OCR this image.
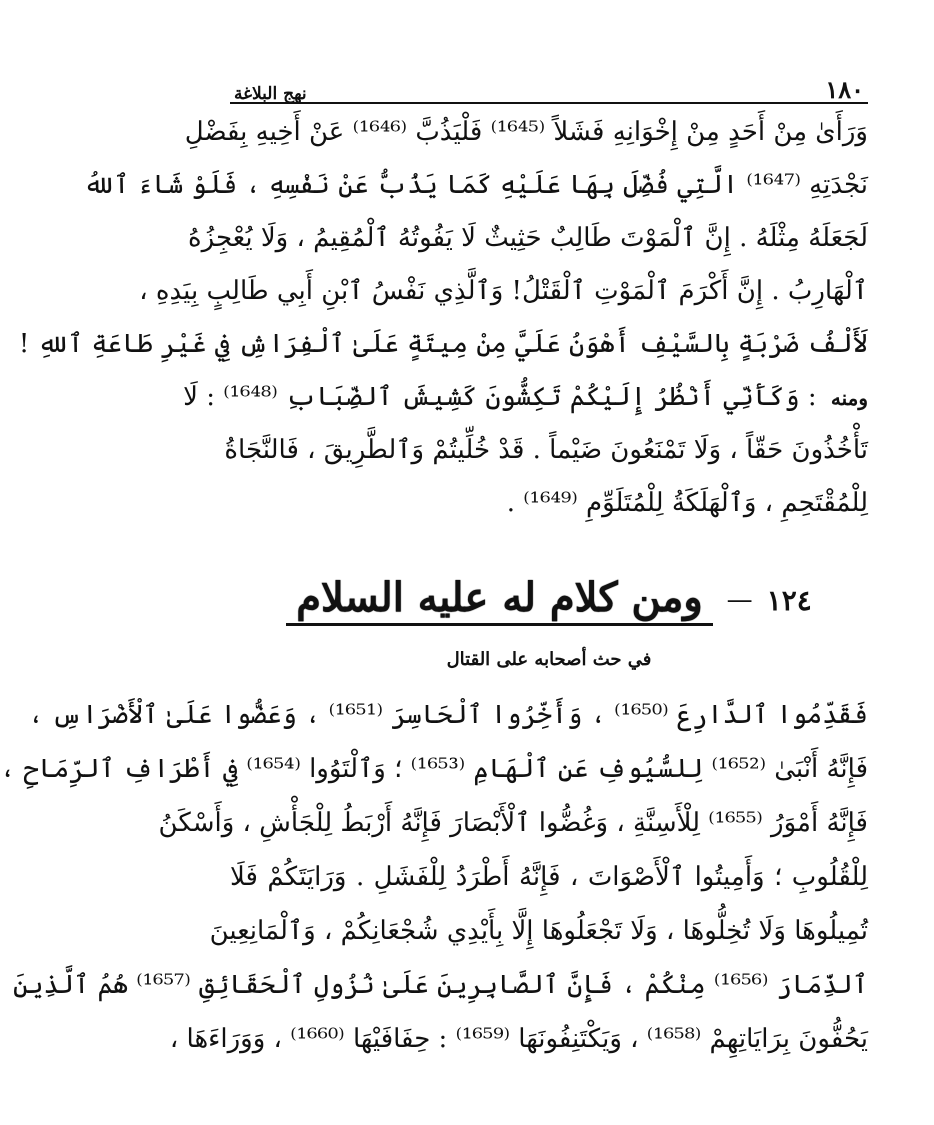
١٨٠
نهج البلاغة
وَرَأَىٰ مِنْ أَحَدٍ مِنْ إِخْوَانِهِ فَشَلاً ⁽¹⁶⁴⁵⁾ فَلْيَذُبَّ ⁽¹⁶⁴⁶⁾ عَنْ أَخِيهِ بِفَضْلِ
نَجْدَتِهِ ⁽¹⁶⁴⁷⁾ الَّتِي فُضِّلَ بِهَا عَلَيْهِ كَمَا يَذُبُّ عَنْ نَفْسِهِ ، فَلَوْ شَاءَ ٱللهُ
لَجَعَلَهُ مِثْلَهُ . إِنَّ ٱلْمَوْتَ طَالِبٌ حَثِيثٌ لَا يَفُوتُهُ ٱلْمُقِيمُ ، وَلَا يُعْجِزُهُ
ٱلْهَارِبُ . إِنَّ أَكْرَمَ ٱلْمَوْتِ ٱلْقَتْلُ! وَٱلَّذِي نَفْسُ ٱبْنِ أَبِي طَالِبٍ بِيَدِهِ ،
لَأَلْفُ ضَرْبَةٍ بِالسَّيْفِ أَهْوَنُ عَلَيَّ مِنْ مِيتَةٍ عَلَىٰ ٱلْفِرَاشِ فِي غَيْرِ طَاعَةِ ٱللهِ !
ومنه : وَكَأَنِّي أَنْظُرُ إِلَيْكُمْ تَكِشُّونَ كَشِيشَ ٱلضِّبَابِ ⁽¹⁶⁴⁸⁾ : لَا
تَأْخُذُونَ حَقّاً ، وَلَا تَمْنَعُونَ ضَيْماً . قَدْ خُلِّيتُمْ وَٱلطَّرِيقَ ، فَالنَّجَاةُ
لِلْمُقْتَحِمِ ، وَٱلْهَلَكَةُ لِلْمُتَلَوِّمِ ⁽¹⁶⁴⁹⁾ .
١٢٤
—
ومن كلام له عليه السلام
في حث أصحابه على القتال
فَقَدِّمُوا ٱلدَّارِعَ ⁽¹⁶⁵⁰⁾ ، وَأَخِّرُوا ٱلْحَاسِرَ ⁽¹⁶⁵¹⁾ ، وَعَضُّوا عَلَىٰ ٱلْأَضْرَاسِ ،
فَإِنَّهُ أَنْبَىٰ ⁽¹⁶⁵²⁾ لِلسُّيُوفِ عَنِ ٱلْهَامِ ⁽¹⁶⁵³⁾ ؛ وَٱلْتَوُوا ⁽¹⁶⁵⁴⁾ فِي أَطْرَافِ ٱلرِّمَاحِ ،
فَإِنَّهُ أَمْوَرُ ⁽¹⁶⁵⁵⁾ لِلْأَسِنَّةِ ، وَغُضُّوا ٱلْأَبْصَارَ فَإِنَّهُ أَرْبَطُ لِلْجَأْشِ ، وَأَسْكَنُ
لِلْقُلُوبِ ؛ وَأَمِيتُوا ٱلْأَصْوَاتَ ، فَإِنَّهُ أَطْرَدُ لِلْفَشَلِ . وَرَايَتَكُمْ فَلَا
تُمِيلُوهَا وَلَا تُخِلُّوهَا ، وَلَا تَجْعَلُوهَا إِلَّا بِأَيْدِي شُجْعَانِكُمْ ، وَٱلْمَانِعِينَ
ٱلذِّمَارَ ⁽¹⁶⁵⁶⁾ مِنْكُمْ ، فَإِنَّ ٱلصَّابِرِينَ عَلَىٰ نُزُولِ ٱلْحَقَائِقِ ⁽¹⁶⁵⁷⁾ هُمُ ٱلَّذِينَ
يَحُفُّونَ بِرَايَاتِهِمْ ⁽¹⁶⁵⁸⁾ ، وَيَكْتَنِفُونَهَا ⁽¹⁶⁵⁹⁾ : حِفَافَيْهَا ⁽¹⁶⁶⁰⁾ ، وَوَرَاءَهَا ،
